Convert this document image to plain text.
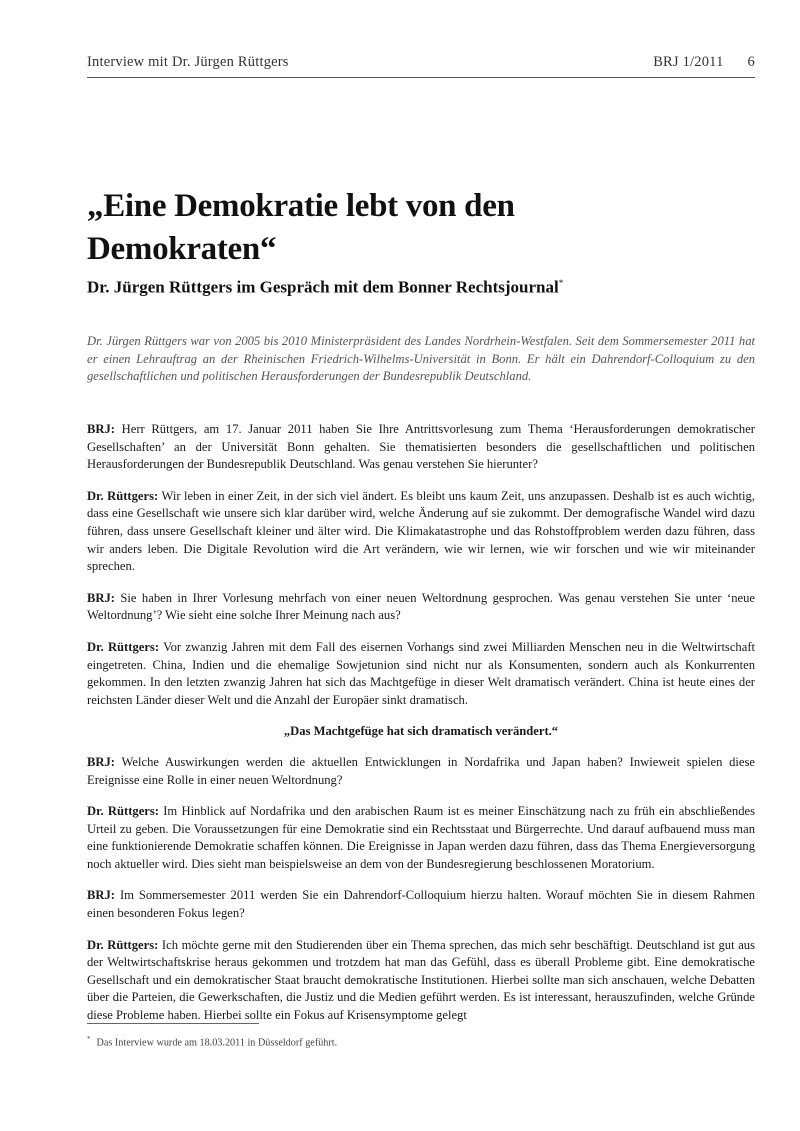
Interview mit Dr. Jürgen Rüttgers	BRJ 1/2011 6
„Eine Demokratie lebt von den Demokraten“
Dr. Jürgen Rüttgers im Gespräch mit dem Bonner Rechtsjournal*

Dr. Jürgen Rüttgers war von 2005 bis 2010 Ministerpräsident des Landes Nordrhein-Westfalen. Seit dem Sommersemester 2011 hat er einen Lehrauftrag an der Rheinischen Friedrich-Wilhelms-Universität in Bonn. Er hält ein Dahrendorf-Colloquium zu den gesellschaftlichen und politischen Herausforderungen der Bundesrepublik Deutschland.

BRJ: Herr Rüttgers, am 17. Januar 2011 haben Sie Ihre Antrittsvorlesung zum Thema ‘Herausforderungen demokratischer Gesellschaften’ an der Universität Bonn gehalten. Sie thematisierten besonders die gesellschaftlichen und politischen Herausforderungen der Bundesrepublik Deutschland. Was genau verstehen Sie hierunter?

Dr. Rüttgers: Wir leben in einer Zeit, in der sich viel ändert. Es bleibt uns kaum Zeit, uns anzupassen. Deshalb ist es auch wichtig, dass eine Gesellschaft wie unsere sich klar darüber wird, welche Änderung auf sie zukommt. Der demografische Wandel wird dazu führen, dass unsere Gesellschaft kleiner und älter wird. Die Klimakatastrophe und das Rohstoffproblem werden dazu führen, dass wir anders leben. Die Digitale Revolution wird die Art verändern, wie wir lernen, wie wir forschen und wie wir miteinander sprechen.

BRJ: Sie haben in Ihrer Vorlesung mehrfach von einer neuen Weltordnung gesprochen. Was genau verstehen Sie unter ‘neue Weltordnung’? Wie sieht eine solche Ihrer Meinung nach aus?

Dr. Rüttgers: Vor zwanzig Jahren mit dem Fall des eisernen Vorhangs sind zwei Milliarden Menschen neu in die Weltwirtschaft eingetreten. China, Indien und die ehemalige Sowjetunion sind nicht nur als Konsumenten, sondern auch als Konkurrenten gekommen. In den letzten zwanzig Jahren hat sich das Machtgefüge in dieser Welt dramatisch verändert. China ist heute eines der reichsten Länder dieser Welt und die Anzahl der Europäer sinkt dramatisch.

„Das Machtgefüge hat sich dramatisch verändert.“

BRJ: Welche Auswirkungen werden die aktuellen Entwicklungen in Nordafrika und Japan haben? Inwieweit spielen diese Ereignisse eine Rolle in einer neuen Weltordnung?

Dr. Rüttgers: Im Hinblick auf Nordafrika und den arabischen Raum ist es meiner Einschätzung nach zu früh ein abschließendes Urteil zu geben. Die Voraussetzungen für eine Demokratie sind ein Rechtsstaat und Bürgerrechte. Und darauf aufbauend muss man eine funktionierende Demokratie schaffen können. Die Ereignisse in Japan werden dazu führen, dass das Thema Energieversorgung noch aktueller wird. Dies sieht man beispielsweise an dem von der Bundesregierung beschlossenen Moratorium.

BRJ: Im Sommersemester 2011 werden Sie ein Dahrendorf-Colloquium hierzu halten. Worauf möchten Sie in diesem Rahmen einen besonderen Fokus legen?

Dr. Rüttgers: Ich möchte gerne mit den Studierenden über ein Thema sprechen, das mich sehr beschäftigt. Deutschland ist gut aus der Weltwirtschaftskrise heraus gekommen und trotzdem hat man das Gefühl, dass es überall Probleme gibt. Eine demokratische Gesellschaft und ein demokratischer Staat braucht demokratische Institutionen. Hierbei sollte man sich anschauen, welche Debatten über die Parteien, die Gewerkschaften, die Justiz und die Medien geführt werden. Es ist interessant, herauszufinden, welche Gründe diese Probleme haben. Hierbei sollte ein Fokus auf Krisensymptome gelegt

* Das Interview wurde am 18.03.2011 in Düsseldorf geführt.
